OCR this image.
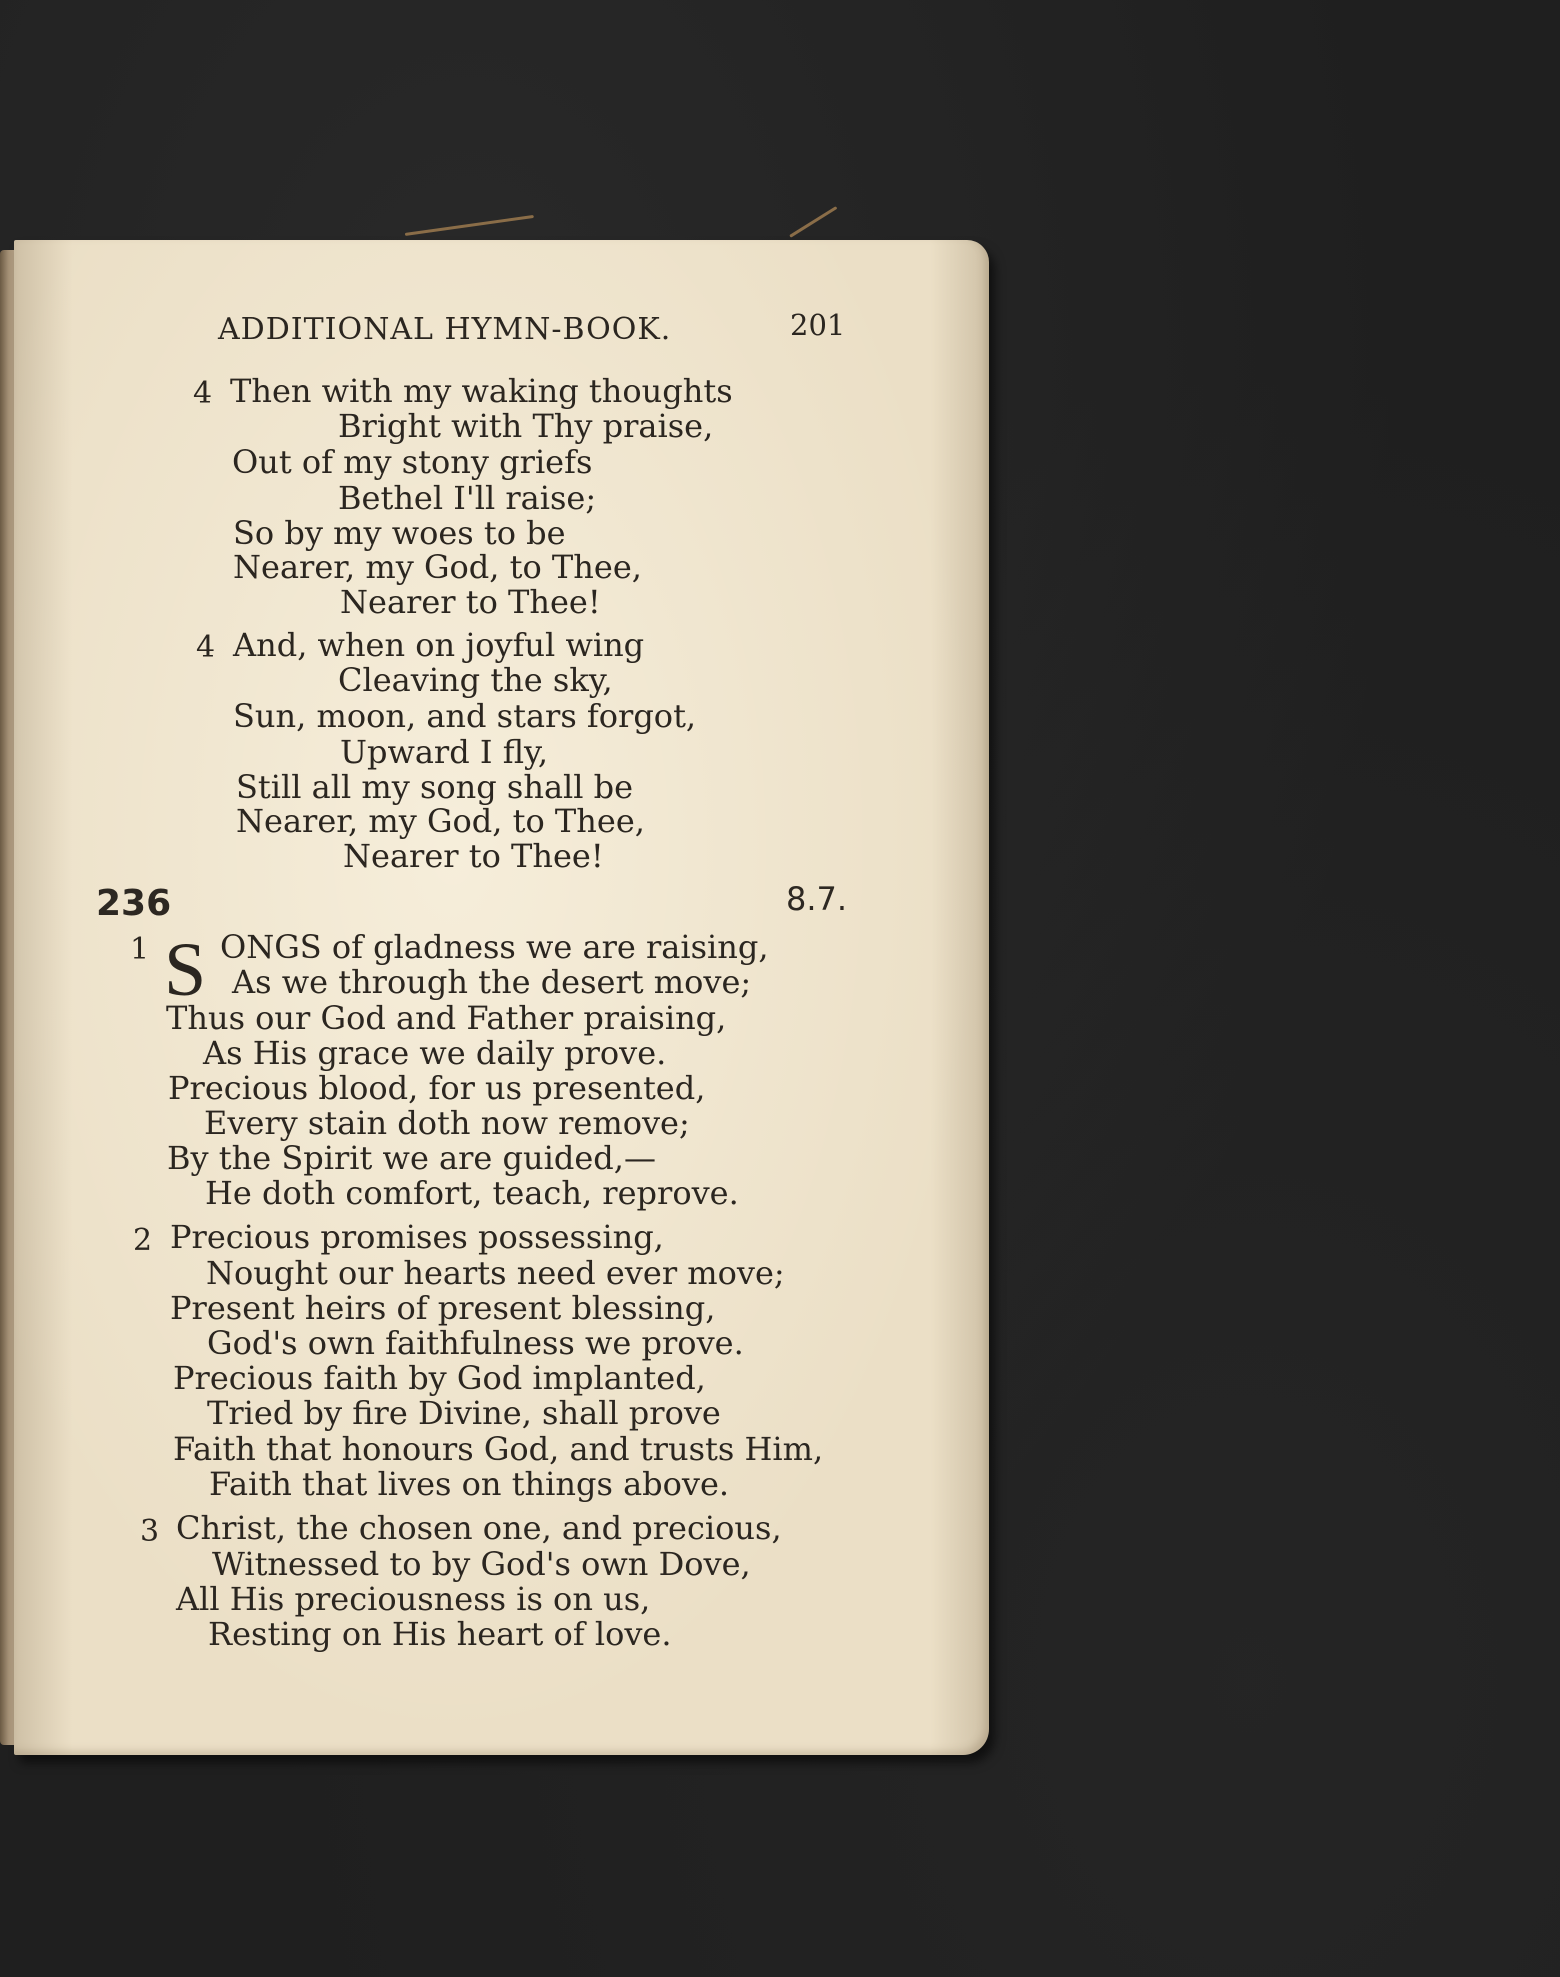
ADDITIONAL HYMN-BOOK.	201
4 Then with my waking thoughts
Bright with Thy praise,
Out of my stony griefs
Bethel I'll raise;
So by my woes to be
Nearer, my God, to Thee,
Nearer to Thee!
4 And, when on joyful wing
Cleaving the sky,
Sun, moon, and stars forgot,
Upward I fly,
Still all my song shall be
Nearer, my God, to Thee,
Nearer to Thee!
236	8.7.
1 S ONGS of gladness we are raising,
As we through the desert move;
Thus our God and Father praising,
As His grace we daily prove.
Precious blood, for us presented,
Every stain doth now remove;
By the Spirit we are guided,—
He doth comfort, teach, reprove.
2 Precious promises possessing,
Nought our hearts need ever move;
Present heirs of present blessing,
God's own faithfulness we prove.
Precious faith by God implanted,
Tried by fire Divine, shall prove
Faith that honours God, and trusts Him,
Faith that lives on things above.
3 Christ, the chosen one, and precious,
Witnessed to by God's own Dove,
All His preciousness is on us,
Resting on His heart of love.
